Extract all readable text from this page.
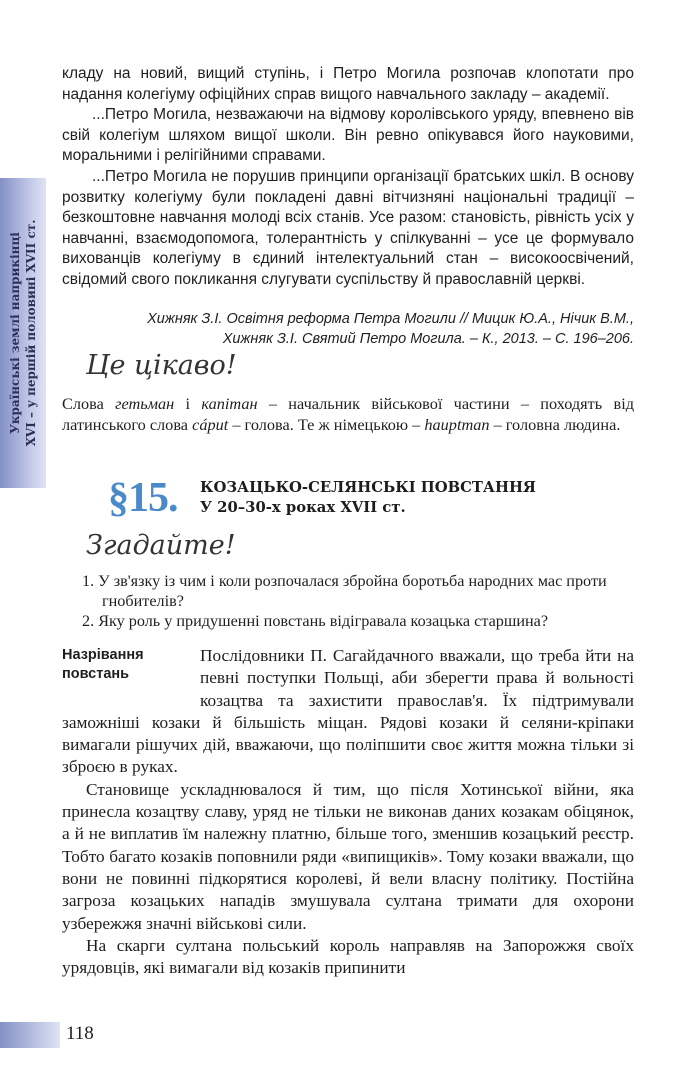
Українські землі наприкінці XVI – у першій половині XVII ст.

кладу на новий, вищий ступінь, і Петро Могила розпочав клопотати про надання колегіуму офіційних справ вищого навчального закладу – академії.

...Петро Могила, незважаючи на відмову королівського уряду, впевнено вів свій колегіум шляхом вищої школи. Він ревно опікувався його науковими, моральними і релігійними справами.

...Петро Могила не порушив принципи організації братських шкіл. В основу розвитку колегіуму були покладені давні вітчизняні національні традиції – безкоштовне навчання молоді всіх станів. Усе разом: становість, рівність усіх у навчанні, взаємодопомога, толерантність у спілкуванні – усе це формувало вихованців колегіуму в єдиний інтелектуальний стан – високоосвічений, свідомий свого покликання слугувати суспільству й православній церкві.

Хижняк З.І. Освітня реформа Петра Могили // Мицик Ю.А., Нічик В.М.,
Хижняк З.І. Святий Петро Могила. – К., 2013. – С. 196–206.
Це цікаво!

Слова гетьман і капітан – начальник військової частини – походять від латинського слова cáput – голова. Те ж німецькою – hauptman – головна людина.

§15. КОЗАЦЬКО-СЕЛЯНСЬКІ ПОВСТАННЯ
У 20–30-х роках XVII ст.
Згадайте!
1. У зв'язку із чим і коли розпочалася збройна боротьба народних мас проти гнобителів?
2. Яку роль у придушенні повстань відігравала козацька старшина?
Назрівання
повстань

Послідовники П. Сагайдачного вважали, що треба йти на певні поступки Польщі, аби зберегти права й вольності козацтва та захистити православ'я. Їх підтримували заможніші козаки й більшість міщан. Рядові козаки й селяни-кріпаки вимагали рішучих дій, вважаючи, що поліпшити своє життя можна тільки зі зброєю в руках.

Становище ускладнювалося й тим, що після Хотинської війни, яка принесла козацтву славу, уряд не тільки не виконав даних козакам обіцянок, а й не виплатив їм належну платню, більше того, зменшив козацький реєстр. Тобто багато козаків поповнили ряди «випищиків». Тому козаки вважали, що вони не повинні підкорятися королеві, й вели власну політику. Постійна загроза козацьких нападів змушувала султана тримати для охорони узбережжя значні військові сили.

На скарги султана польський король направляв на Запорожжя своїх урядовців, які вимагали від козаків припинити

118
